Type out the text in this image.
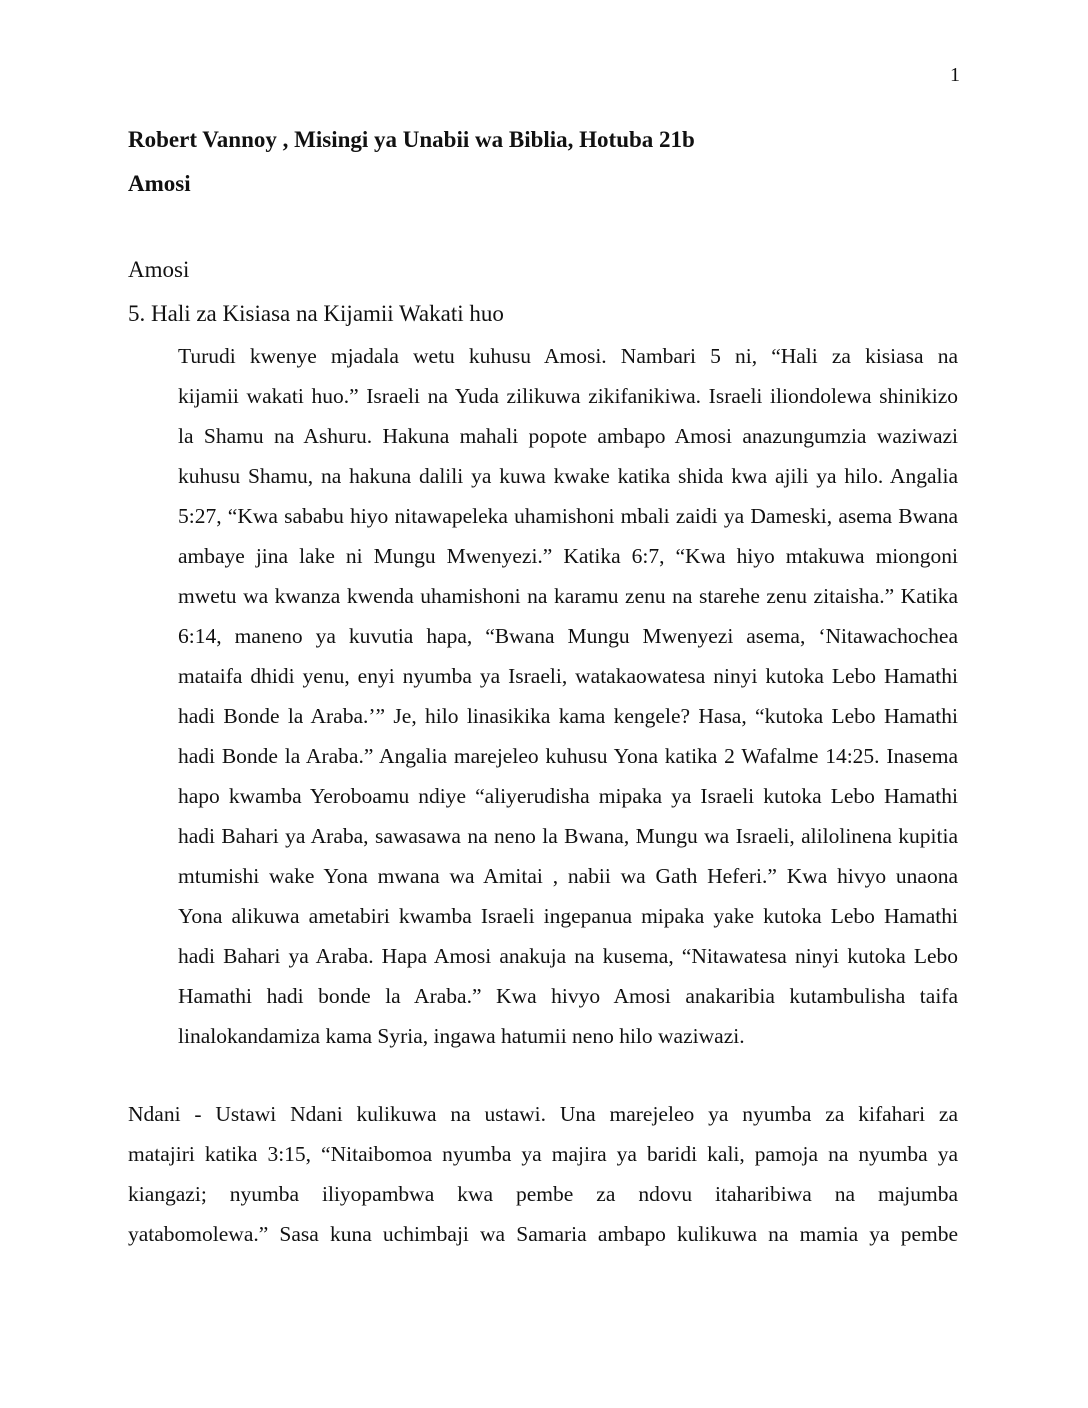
1
Robert Vannoy , Misingi ya Unabii wa Biblia, Hotuba 21b
Amosi
Amosi
5. Hali za Kisiasa na Kijamii Wakati huo
Turudi kwenye mjadala wetu kuhusu Amosi. Nambari 5 ni, “Hali za kisiasa na
kijamii wakati huo.” Israeli na Yuda zilikuwa zikifanikiwa. Israeli iliondolewa shinikizo
la Shamu na Ashuru. Hakuna mahali popote ambapo Amosi anazungumzia waziwazi
kuhusu Shamu, na hakuna dalili ya kuwa kwake katika shida kwa ajili ya hilo. Angalia
5:27, “Kwa sababu hiyo nitawapeleka uhamishoni mbali zaidi ya Dameski, asema Bwana
ambaye jina lake ni Mungu Mwenyezi.” Katika 6:7, “Kwa hiyo mtakuwa miongoni
mwetu wa kwanza kwenda uhamishoni na karamu zenu na starehe zenu zitaisha.” Katika
6:14, maneno ya kuvutia hapa, “Bwana Mungu Mwenyezi asema, ‘Nitawachochea
mataifa dhidi yenu, enyi nyumba ya Israeli, watakaowatesa ninyi kutoka Lebo Hamathi
hadi Bonde la Araba.’” Je, hilo linasikika kama kengele? Hasa, “kutoka Lebo Hamathi
hadi Bonde la Araba.” Angalia marejeleo kuhusu Yona katika 2 Wafalme 14:25. Inasema
hapo kwamba Yeroboamu ndiye “aliyerudisha mipaka ya Israeli kutoka Lebo Hamathi
hadi Bahari ya Araba, sawasawa na neno la Bwana, Mungu wa Israeli, alilolinena kupitia
mtumishi wake Yona mwana wa Amitai , nabii wa Gath Heferi.” Kwa hivyo unaona
Yona alikuwa ametabiri kwamba Israeli ingepanua mipaka yake kutoka Lebo Hamathi
hadi Bahari ya Araba. Hapa Amosi anakuja na kusema, “Nitawatesa ninyi kutoka Lebo
Hamathi hadi bonde la Araba.” Kwa hivyo Amosi anakaribia kutambulisha taifa
linalokandamiza kama Syria, ingawa hatumii neno hilo waziwazi.
Ndani - Ustawi Ndani kulikuwa na ustawi. Una marejeleo ya nyumba za kifahari za
matajiri katika 3:15, “Nitaibomoa nyumba ya majira ya baridi kali, pamoja na nyumba ya
kiangazi; nyumba iliyopambwa kwa pembe za ndovu itaharibiwa na majumba
yatabomolewa.” Sasa kuna uchimbaji wa Samaria ambapo kulikuwa na mamia ya pembe
